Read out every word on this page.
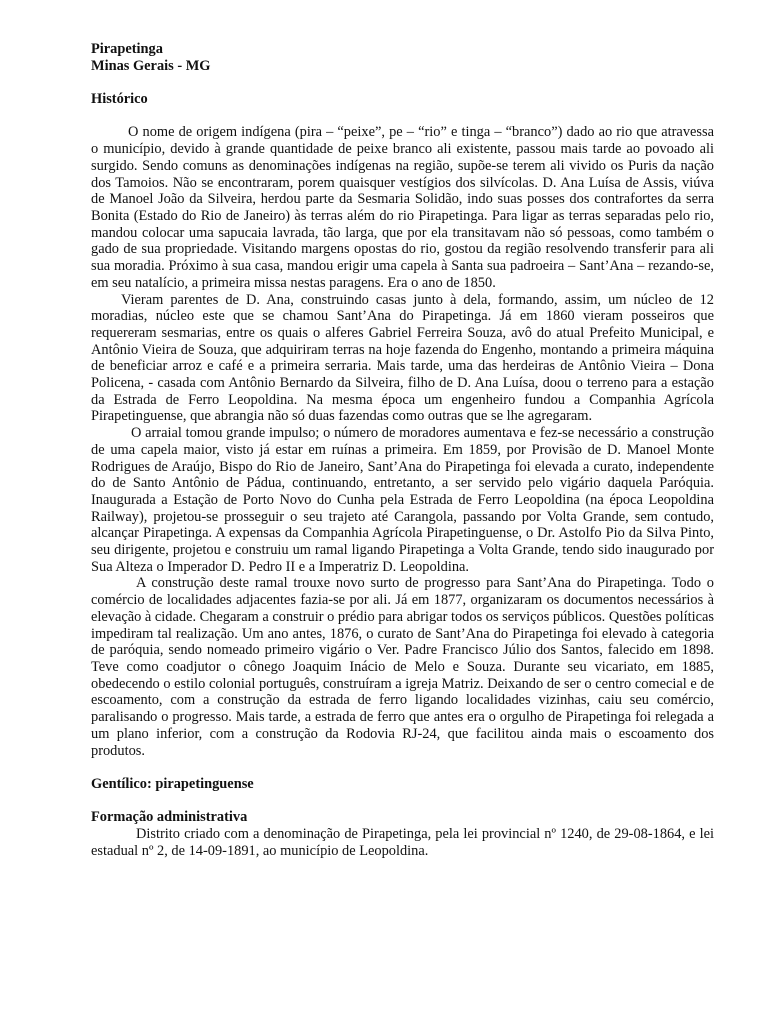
Pirapetinga
Minas Gerais - MG
Histórico

O nome de origem indígena (pira – “peixe”, pe – “rio” e tinga – “branco”) dado ao rio que atravessa o município, devido à grande quantidade de peixe branco ali existente, passou mais tarde ao povoado ali surgido. Sendo comuns as denominações indígenas na região, supõe-se terem ali vivido os Puris da nação dos Tamoios. Não se encontraram, porem quaisquer vestígios dos silvícolas. D. Ana Luísa de Assis, viúva de Manoel João da Silveira, herdou parte da Sesmaria Solidão, indo suas posses dos contrafortes da serra Bonita (Estado do Rio de Janeiro) às terras além do rio Pirapetinga. Para ligar as terras separadas pelo rio, mandou colocar uma sapucaia lavrada, tão larga, que por ela transitavam não só pessoas, como também o gado de sua propriedade. Visitando margens opostas do rio, gostou da região resolvendo transferir para ali sua moradia. Próximo à sua casa, mandou erigir uma capela à Santa sua padroeira – Sant’Ana – rezando-se, em seu natalício, a primeira missa nestas paragens. Era o ano de 1850.

Vieram parentes de D. Ana, construindo casas junto à dela, formando, assim, um núcleo de 12 moradias, núcleo este que se chamou Sant’Ana do Pirapetinga. Já em 1860 vieram posseiros que requereram sesmarias, entre os quais o alferes Gabriel Ferreira Souza, avô do atual Prefeito Municipal, e Antônio Vieira de Souza, que adquiriram terras na hoje fazenda do Engenho, montando a primeira máquina de beneficiar arroz e café e a primeira serraria. Mais tarde, uma das herdeiras de Antônio Vieira – Dona Policena, - casada com Antônio Bernardo da Silveira, filho de D. Ana Luísa, doou o terreno para a estação da Estrada de Ferro Leopoldina. Na mesma época um engenheiro fundou a Companhia Agrícola Pirapetinguense, que abrangia não só duas fazendas como outras que se lhe agregaram.

O arraial tomou grande impulso; o número de moradores aumentava e fez-se necessário a construção de uma capela maior, visto já estar em ruínas a primeira. Em 1859, por Provisão de D. Manoel Monte Rodrigues de Araújo, Bispo do Rio de Janeiro, Sant’Ana do Pirapetinga foi elevada a curato, independente do de Santo Antônio de Pádua, continuando, entretanto, a ser servido pelo vigário daquela Paróquia. Inaugurada a Estação de Porto Novo do Cunha pela Estrada de Ferro Leopoldina (na época Leopoldina Railway), projetou-se prosseguir o seu trajeto até Carangola, passando por Volta Grande, sem contudo, alcançar Pirapetinga. A expensas da Companhia Agrícola Pirapetinguense, o Dr. Astolfo Pio da Silva Pinto, seu dirigente, projetou e construiu um ramal ligando Pirapetinga a Volta Grande, tendo sido inaugurado por Sua Alteza o Imperador D. Pedro II e a Imperatriz D. Leopoldina.

A construção deste ramal trouxe novo surto de progresso para Sant’Ana do Pirapetinga. Todo o comércio de localidades adjacentes fazia-se por ali. Já em 1877, organizaram os documentos necessários à elevação à cidade. Chegaram a construir o prédio para abrigar todos os serviços públicos. Questões políticas impediram tal realização. Um ano antes, 1876, o curato de Sant’Ana do Pirapetinga foi elevado à categoria de paróquia, sendo nomeado primeiro vigário o Ver. Padre Francisco Júlio dos Santos, falecido em 1898. Teve como coadjutor o cônego Joaquim Inácio de Melo e Souza. Durante seu vicariato, em 1885, obedecendo o estilo colonial português, construíram a igreja Matriz. Deixando de ser o centro comecial e de escoamento, com a construção da estrada de ferro ligando localidades vizinhas, caiu seu comércio, paralisando o progresso. Mais tarde, a estrada de ferro que antes era o orgulho de Pirapetinga foi relegada a um plano inferior, com a construção da Rodovia RJ-24, que facilitou ainda mais o escoamento dos produtos.

Gentílico: pirapetinguense
Formação administrativa

Distrito criado com a denominação de Pirapetinga, pela lei provincial nº 1240, de 29-08-1864, e lei estadual nº 2, de 14-09-1891, ao município de Leopoldina.
